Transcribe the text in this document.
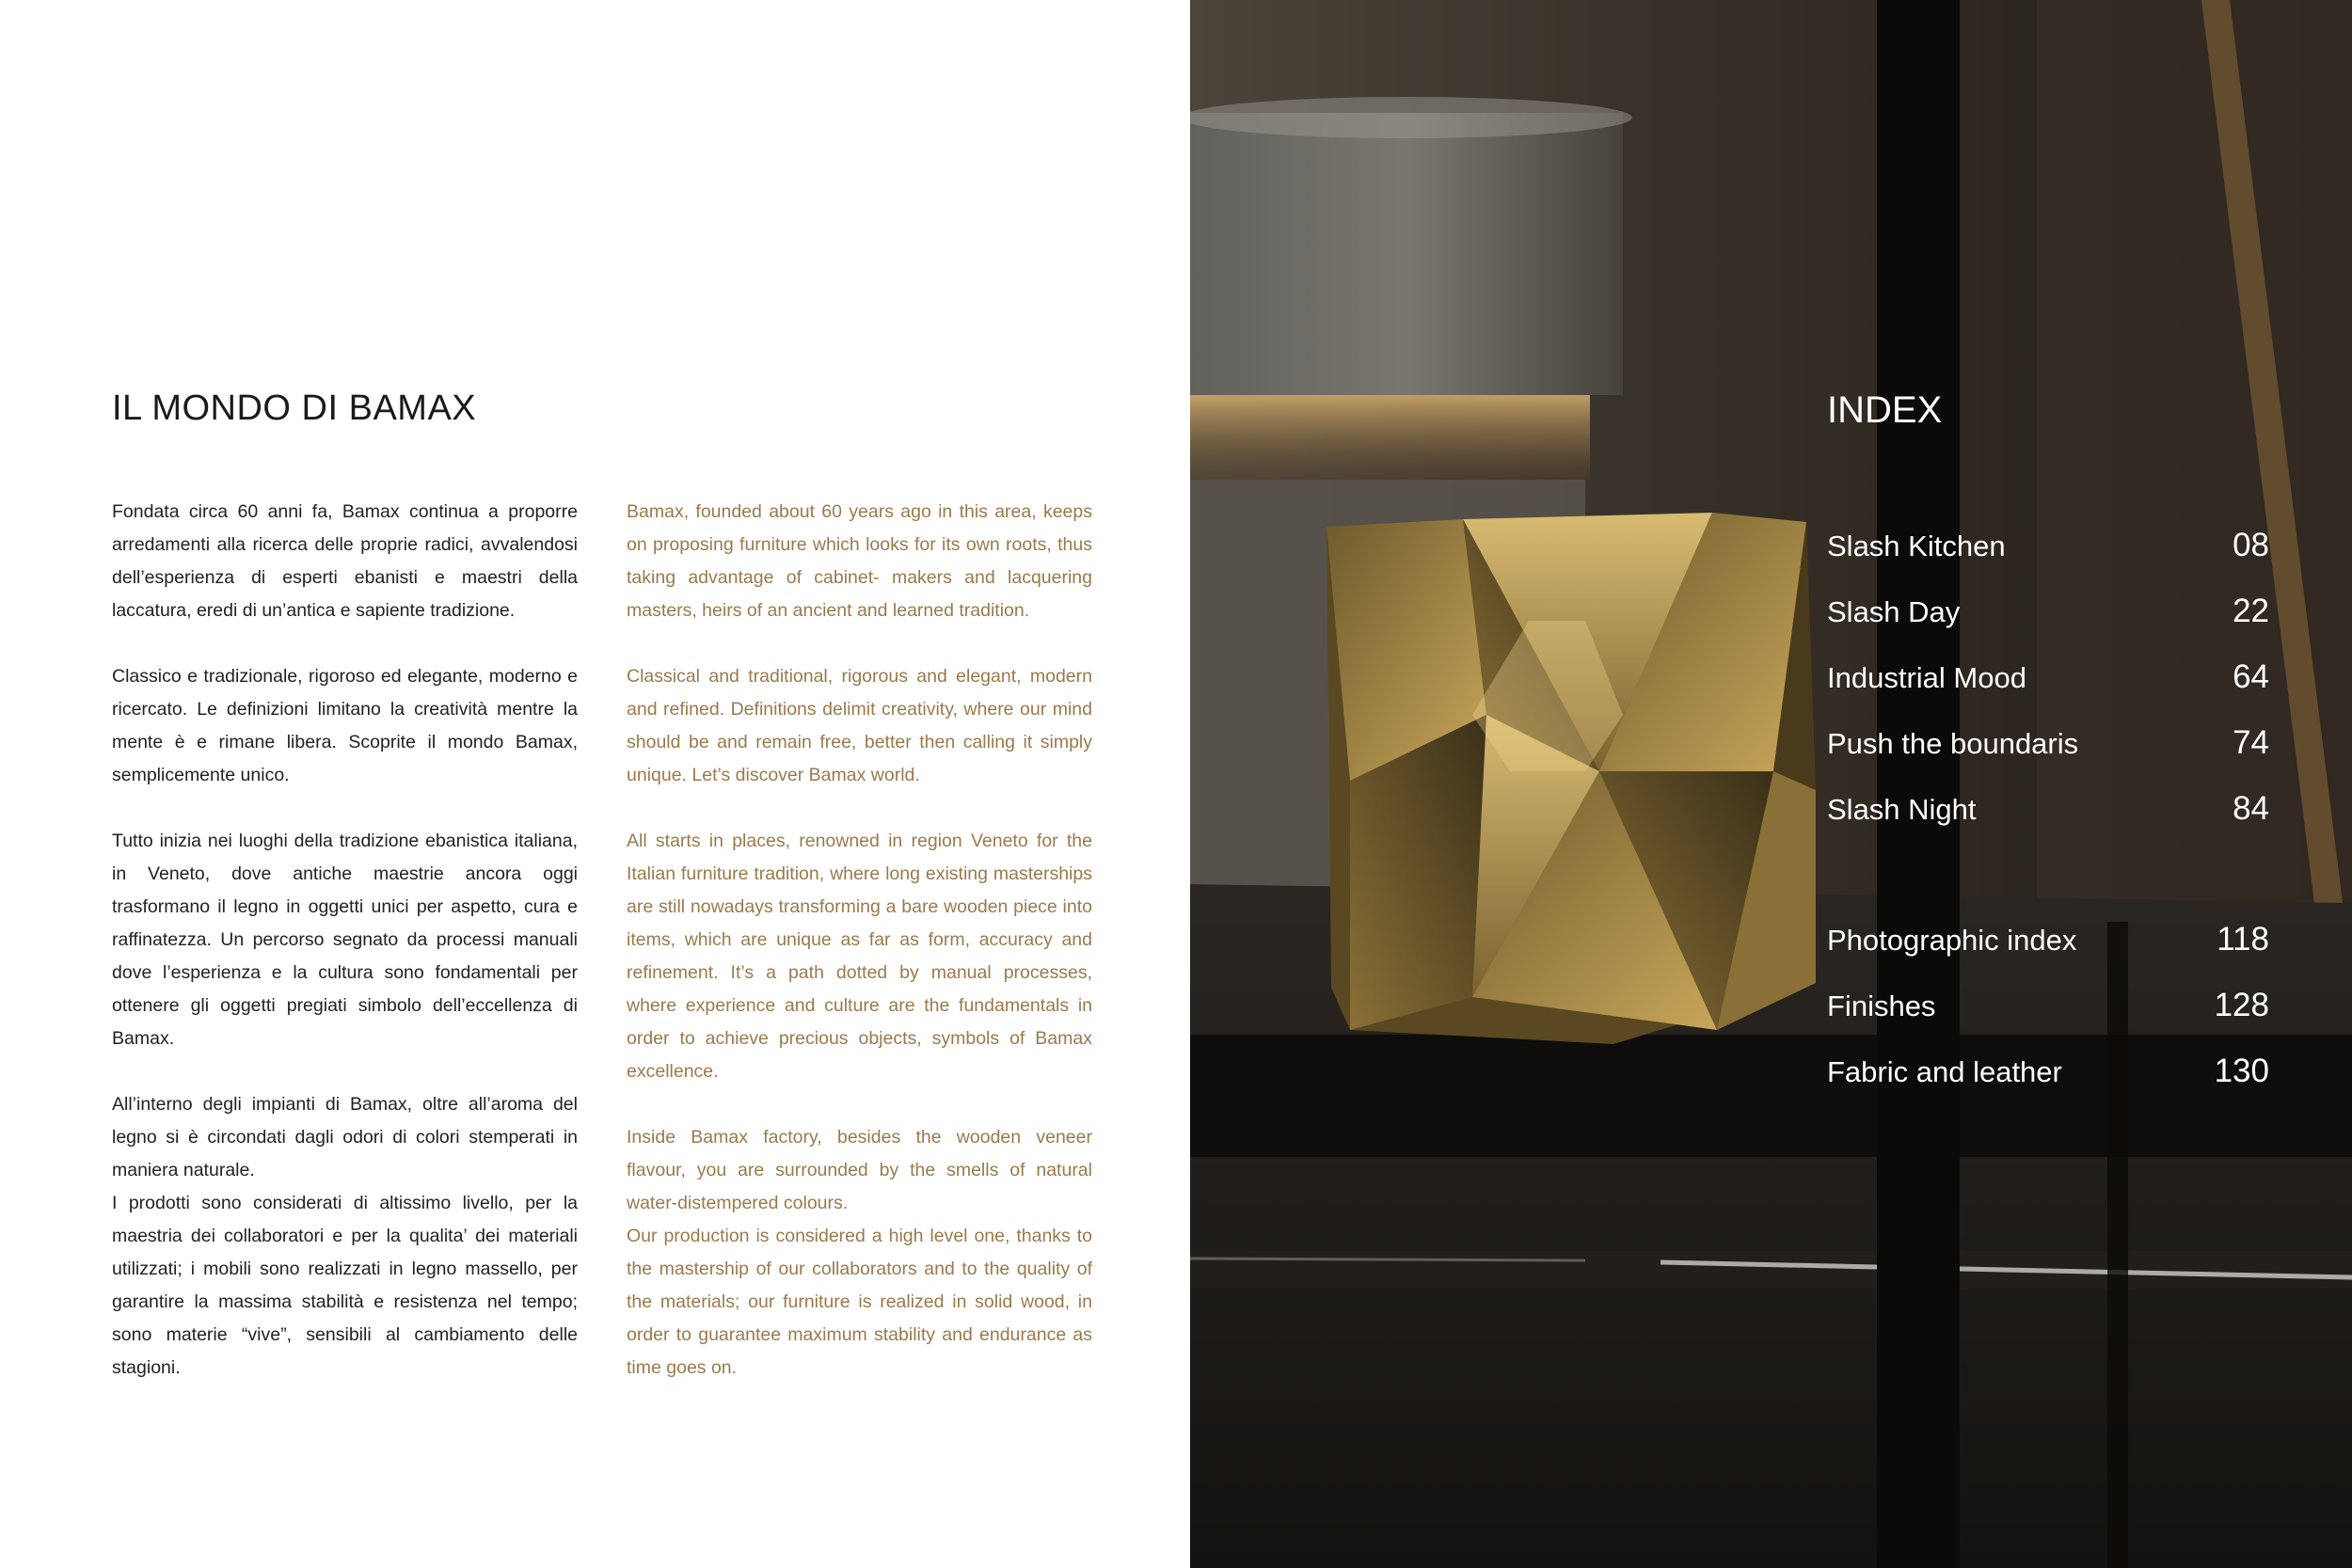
IL MONDO DI BAMAX

Fondata circa 60 anni fa, Bamax continua a proporre arredamenti alla ricerca delle proprie radici, avvalendosi dell’esperienza di esperti ebanisti e maestri della laccatura, eredi di un’antica e sapiente tradizione.

Classico e tradizionale, rigoroso ed elegante, moderno e ricercato. Le definizioni limitano la creatività mentre la mente è e rimane libera. Scoprite il mondo Bamax, semplicemente unico.

Tutto inizia nei luoghi della tradizione ebanistica italiana, in Veneto, dove antiche maestrie ancora oggi trasformano il legno in oggetti unici per aspetto, cura e raffinatezza. Un percorso segnato da processi manuali dove l’esperienza e la cultura sono fondamentali per ottenere gli oggetti pregiati simbolo dell’eccellenza di Bamax.

All’interno degli impianti di Bamax, oltre all’aroma del legno si è circondati dagli odori di colori stemperati in maniera naturale.

I prodotti sono considerati di altissimo livello, per la maestria dei collaboratori e per la qualita’ dei materiali utilizzati; i mobili sono realizzati in legno massello, per garantire la massima stabilità e resistenza nel tempo; sono materie “vive”, sensibili al cambiamento delle stagioni.

Bamax, founded about 60 years ago in this area, keeps on proposing furniture which looks for its own roots, thus taking advantage of cabinet- makers and lacquering masters, heirs of an ancient and learned tradition.

Classical and traditional, rigorous and elegant, modern and refined. Definitions delimit creativity, where our mind should be and remain free, better then calling it simply unique. Let’s discover Bamax world.

All starts in places, renowned in region Veneto for the Italian furniture tradition, where long existing masterships are still nowadays transforming a bare wooden piece into items, which are unique as far as form, accuracy and refinement. It’s a path dotted by manual processes, where experience and culture are the fundamentals in order to achieve precious objects, symbols of Bamax excellence.

Inside Bamax factory, besides the wooden veneer flavour, you are surrounded by the smells of natural water-distempered colours.

Our production is considered a high level one, thanks to the mastership of our collaborators and to the quality of the materials; our furniture is realized in solid wood, in order to guarantee maximum stability and endurance as time goes on.

INDEX
Slash Kitchen	08
Slash Day	22
Industrial Mood	64
Push the boundaris	74
Slash Night	84
Photographic index	118
Finishes	128
Fabric and leather	130
